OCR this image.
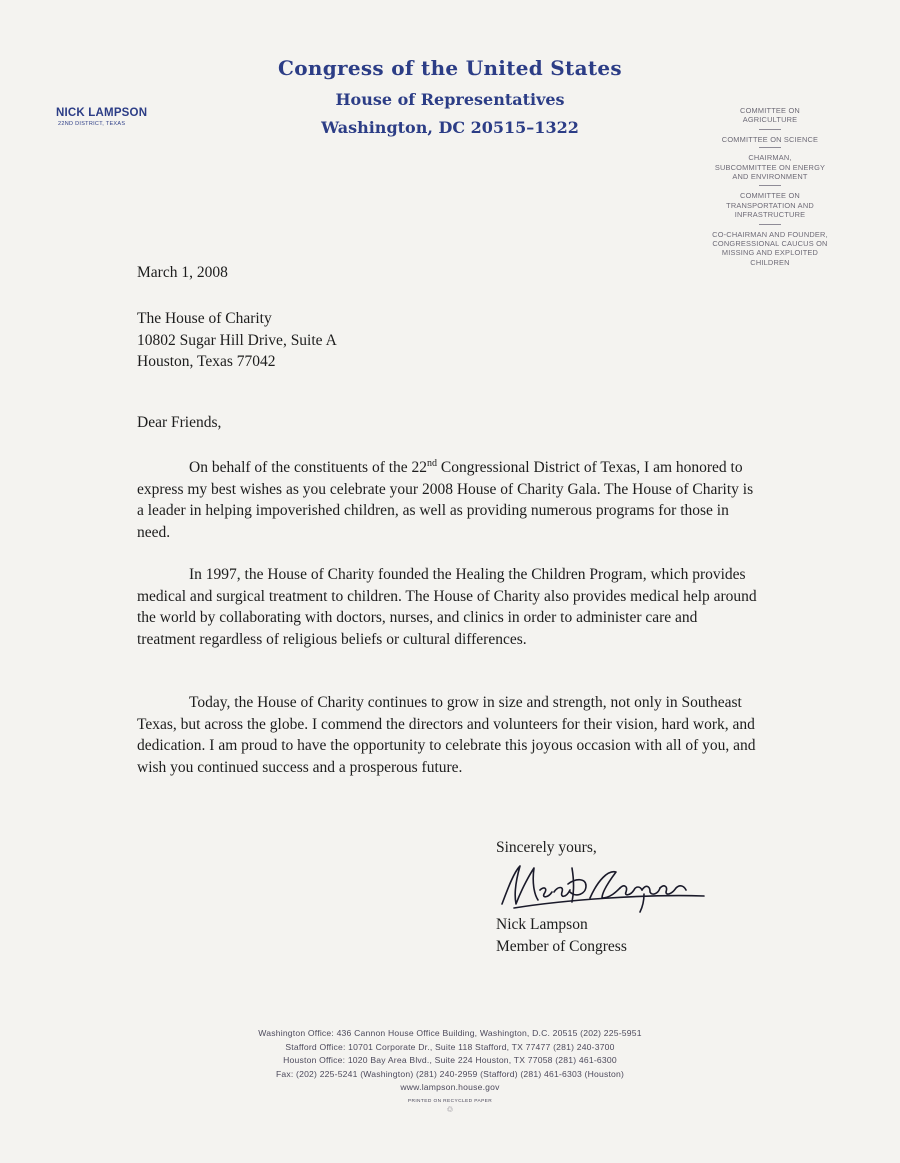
Congress of the United States
House of Representatives
Washington, DC 20515–1322
NICK LAMPSON
22ND DISTRICT, TEXAS
COMMITTEE ON
AGRICULTURE
COMMITTEE ON SCIENCE
CHAIRMAN,
SUBCOMMITTEE ON ENERGY
AND ENVIRONMENT
COMMITTEE ON
TRANSPORTATION AND
INFRASTRUCTURE
CO-CHAIRMAN AND FOUNDER,
CONGRESSIONAL CAUCUS ON
MISSING AND EXPLOITED
CHILDREN
March 1, 2008
The House of Charity
10802 Sugar Hill Drive, Suite A
Houston, Texas 77042
Dear Friends,
On behalf of the constituents of the 22nd Congressional District of Texas, I am honored to express my best wishes as you celebrate your 2008 House of Charity Gala. The House of Charity is a leader in helping impoverished children, as well as providing numerous programs for those in need.
In 1997, the House of Charity founded the Healing the Children Program, which provides medical and surgical treatment to children. The House of Charity also provides medical help around the world by collaborating with doctors, nurses, and clinics in order to administer care and treatment regardless of religious beliefs or cultural differences.
Today, the House of Charity continues to grow in size and strength, not only in Southeast Texas, but across the globe. I commend the directors and volunteers for their vision, hard work, and dedication. I am proud to have the opportunity to celebrate this joyous occasion with all of you, and wish you continued success and a prosperous future.
Sincerely yours,
Nick Lampson
Member of Congress
Washington Office: 436 Cannon House Office Building, Washington, D.C. 20515 (202) 225-5951
Stafford Office: 10701 Corporate Dr., Suite 118 Stafford, TX 77477 (281) 240-3700
Houston Office: 1020 Bay Area Blvd., Suite 224 Houston, TX 77058 (281) 461-6300
Fax: (202) 225-5241 (Washington) (281) 240-2959 (Stafford) (281) 461-6303 (Houston)
www.lampson.house.gov
PRINTED ON RECYCLED PAPER
♲
